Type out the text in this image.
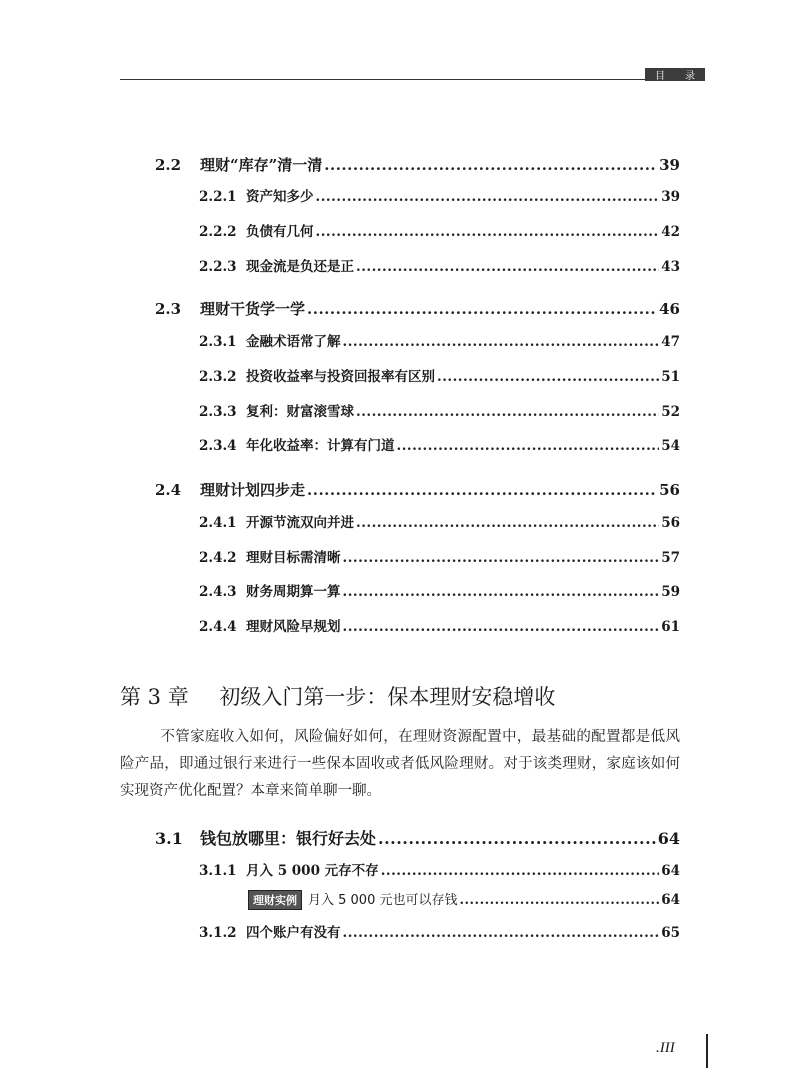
目 录
2.2	理财“库存”清一清 .....	39
2.2.1 资产知多少 .....	39
2.2.2 负债有几何 .....	42
2.2.3 现金流是负还是正 .....	43
2.3	理财干货学一学 .....	46
2.3.1 金融术语常了解 .....	47
2.3.2 投资收益率与投资回报率有区别 .....	51
2.3.3 复利：财富滚雪球 .....	52
2.3.4 年化收益率：计算有门道 .....	54
2.4	理财计划四步走 .....	56
2.4.1 开源节流双向并进 .....	56
2.4.2 理财目标需清晰 .....	57
2.4.3 财务周期算一算 .....	59
2.4.4 理财风险早规划 .....	61
第 3 章 初级入门第一步：保本理财安稳增收
不管家庭收入如何，风险偏好如何，在理财资源配置中，最基础的配置都是低风险产品，即通过银行来进行一些保本固收或者低风险理财。对于该类理财，家庭该如何实现资产优化配置？本章来简单聊一聊。
3.1	钱包放哪里：银行好去处 .....	64
3.1.1 月入 5 000 元存不存 .....	64
理财实例 月入 5 000 元也可以存钱 .....	64
3.1.2 四个账户有没有 .....	65
.III
